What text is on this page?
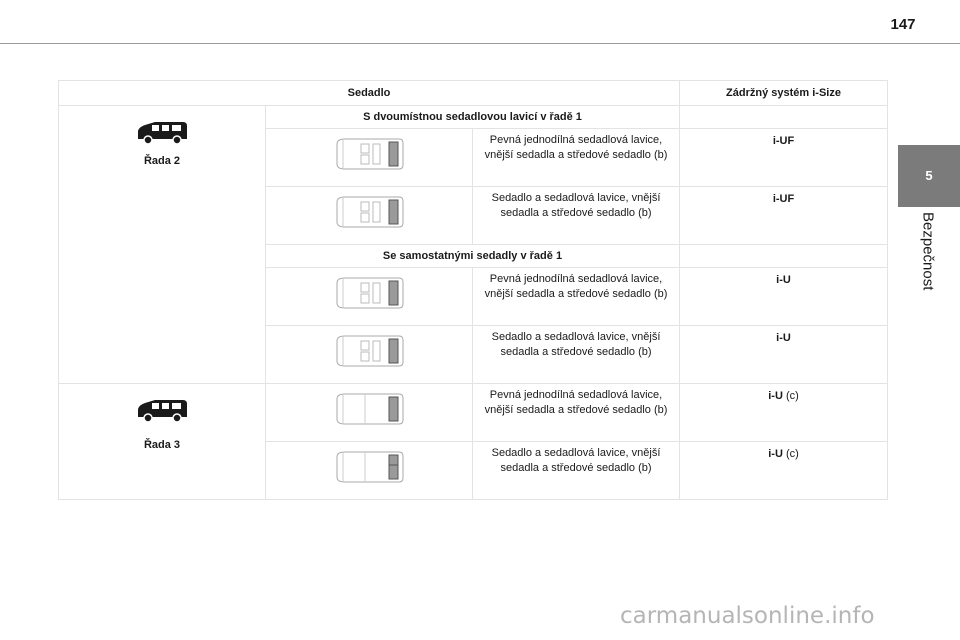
147
5
Bezpečnost
Sedadlo			Zádržný systém i-Size

Řada 2	S dvoumístnou sedadlovou lavicí v řadě 1		

	Pevná jednodílná sedadlová lavice, vnější sedadla a středové sedadlo (b)	i-UF

	Sedadlo a sedadlová lavice, vnější sedadla a středové sedadlo (b)	i-UF
	Se samostatnými sedadly v řadě 1		

	Pevná jednodílná sedadlová lavice, vnější sedadla a středové sedadlo (b)	i-U

	Sedadlo a sedadlová lavice, vnější sedadla a středové sedadlo (b)	i-U

Řada 3		Pevná jednodílná sedadlová lavice, vnější sedadla a středové sedadlo (b)	i-U (c)

	Sedadlo a sedadlová lavice, vnější sedadla a středové sedadlo (b)	i-U (c)
carmanualsonline.info
